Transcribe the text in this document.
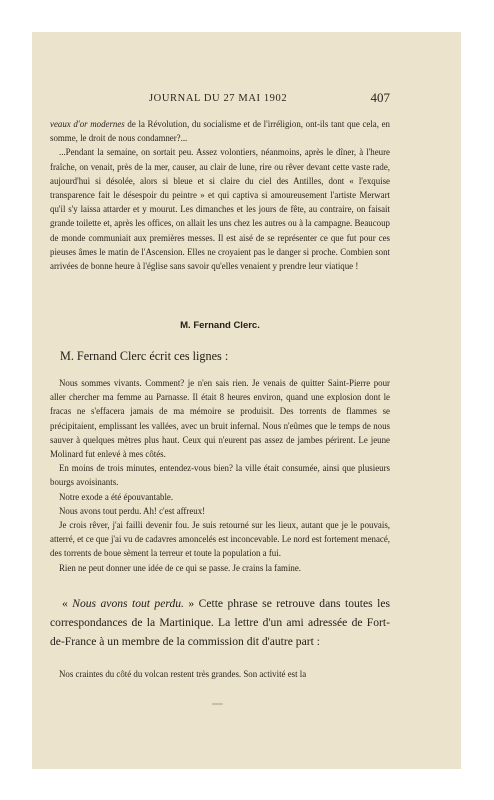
JOURNAL DU 27 MAI 1902	407

veaux d'or modernes de la Révolution, du socialisme et de l'irréligion, ont-ils tant que cela, en somme, le droit de nous condamner?...

...Pendant la semaine, on sortait peu. Assez volontiers, néanmoins, après le dîner, à l'heure fraîche, on venait, près de la mer, causer, au clair de lune, rire ou rêver devant cette vaste rade, aujourd'hui si désolée, alors si bleue et si claire du ciel des Antilles, dont « l'exquise transparence fait le désespoir du peintre » et qui captiva si amoureusement l'artiste Merwart qu'il s'y laissa attarder et y mourut. Les dimanches et les jours de fête, au contraire, on faisait grande toilette et, après les offices, on allait les uns chez les autres ou à la campagne. Beaucoup de monde communiait aux premières messes. Il est aisé de se représenter ce que fut pour ces pieuses âmes le matin de l'Ascension. Elles ne croyaient pas le danger si proche. Combien sont arrivées de bonne heure à l'église sans savoir qu'elles venaient y prendre leur viatique !

M. Fernand Clerc.

M. Fernand Clerc écrit ces lignes :

Nous sommes vivants. Comment? je n'en sais rien. Je venais de quitter Saint-Pierre pour aller chercher ma femme au Parnasse. Il était 8 heures environ, quand une explosion dont le fracas ne s'effacera jamais de ma mémoire se produisit. Des torrents de flammes se précipitaient, emplissant les vallées, avec un bruit infernal. Nous n'eûmes que le temps de nous sauver à quelques mètres plus haut. Ceux qui n'eurent pas assez de jambes périrent. Le jeune Molinard fut enlevé à mes côtés.

En moins de trois minutes, entendez-vous bien? la ville était consumée, ainsi que plusieurs bourgs avoisinants.

Notre exode a été épouvantable.

Nous avons tout perdu. Ah! c'est affreux!

Je crois rêver, j'ai failli devenir fou. Je suis retourné sur les lieux, autant que je le pouvais, atterré, et ce que j'ai vu de cadavres amoncelés est inconcevable. Le nord est fortement menacé, des torrents de boue sèment la terreur et toute la population a fui.

Rien ne peut donner une idée de ce qui se passe. Je crains la famine.

« Nous avons tout perdu. » Cette phrase se retrouve dans toutes les correspondances de la Martinique. La lettre d'un ami adressée de Fort-de-France à un membre de la commission dit d'autre part :

Nos craintes du côté du volcan restent très grandes. Son activité est la
